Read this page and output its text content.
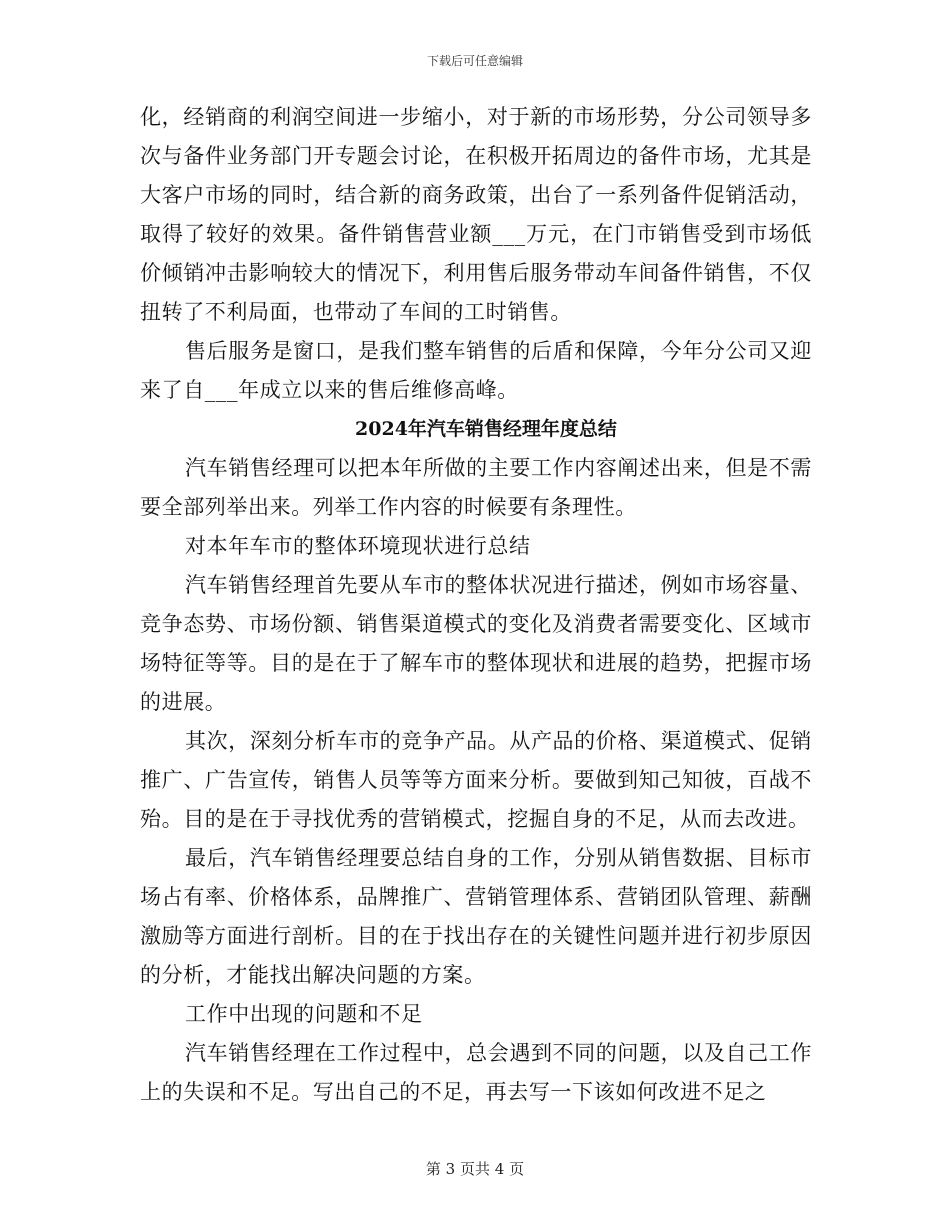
下载后可任意编辑

化，经销商的利润空间进一步缩小，对于新的市场形势，分公司领导多次与备件业务部门开专题会讨论，在积极开拓周边的备件市场，尤其是大客户市场的同时，结合新的商务政策，出台了一系列备件促销活动，取得了较好的效果。备件销售营业额___万元，在门市销售受到市场低价倾销冲击影响较大的情况下，利用售后服务带动车间备件销售，不仅扭转了不利局面，也带动了车间的工时销售。

售后服务是窗口，是我们整车销售的后盾和保障，今年分公司又迎来了自___年成立以来的售后维修高峰。

2024年汽车销售经理年度总结

汽车销售经理可以把本年所做的主要工作内容阐述出来，但是不需要全部列举出来。列举工作内容的时候要有条理性。

对本年车市的整体环境现状进行总结

汽车销售经理首先要从车市的整体状况进行描述，例如市场容量、竞争态势、市场份额、销售渠道模式的变化及消费者需要变化、区域市场特征等等。目的是在于了解车市的整体现状和进展的趋势，把握市场的进展。

其次，深刻分析车市的竞争产品。从产品的价格、渠道模式、促销推广、广告宣传，销售人员等等方面来分析。要做到知己知彼，百战不殆。目的是在于寻找优秀的营销模式，挖掘自身的不足，从而去改进。

最后，汽车销售经理要总结自身的工作，分别从销售数据、目标市场占有率、价格体系，品牌推广、营销管理体系、营销团队管理、薪酬激励等方面进行剖析。目的在于找出存在的关键性问题并进行初步原因的分析，才能找出解决问题的方案。

工作中出现的问题和不足

汽车销售经理在工作过程中，总会遇到不同的问题，以及自己工作上的失误和不足。写出自己的不足，再去写一下该如何改进不足之

第 3 页共 4 页
